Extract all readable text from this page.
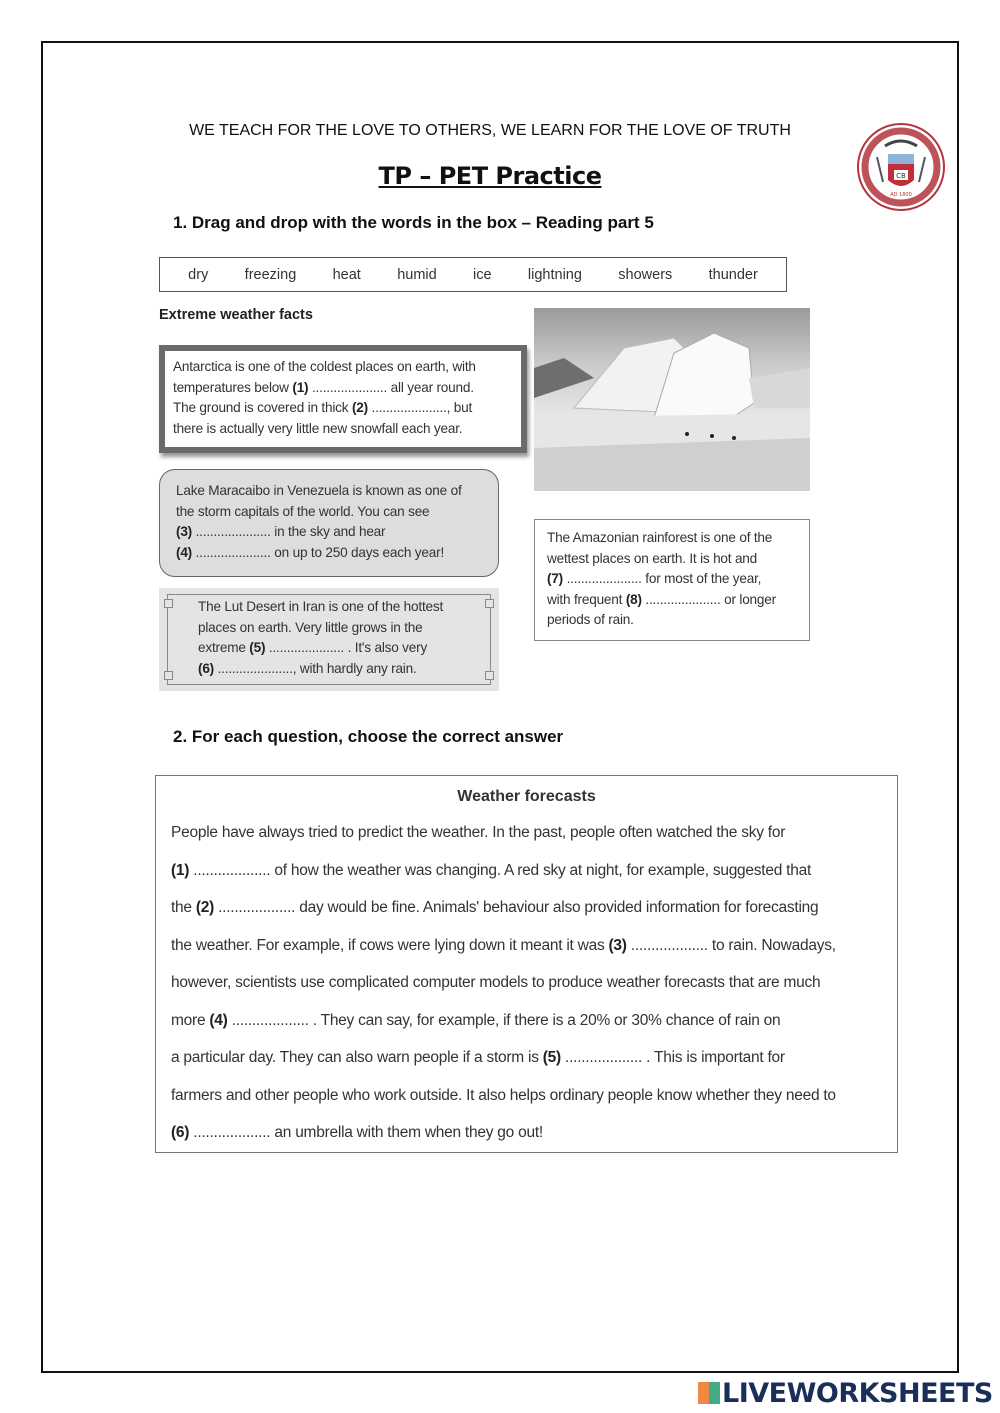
WE TEACH FOR THE LOVE TO OTHERS, WE LEARN FOR THE LOVE OF TRUTH
TP – PET Practice	CB
AD 1800
1. Drag and drop with the words in the box – Reading part 5
dry	freezing	heat	humid	ice	lightning	showers	thunder
Extreme weather facts
Antarctica is one of the coldest places on earth, with
temperatures below (1) ..................... all year round.
The ground is covered in thick (2) ....................., but
there is actually very little new snowfall each year.
Lake Maracaibo in Venezuela is known as one of
the storm capitals of the world. You can see
(3) ..................... in the sky and hear
(4) ..................... on up to 250 days each year!
The Lut Desert in Iran is one of the hottest
places on earth. Very little grows in the
extreme (5) ..................... . It's also very
(6) ....................., with hardly any rain.
The Amazonian rainforest is one of the
wettest places on earth. It is hot and
(7) ..................... for most of the year,
with frequent (8) ..................... or longer
periods of rain.
2. For each question, choose the correct answer
Weather forecasts
People have always tried to predict the weather. In the past, people often watched the sky for
(1) ................... of how the weather was changing. A red sky at night, for example, suggested that
the (2) ................... day would be fine. Animals' behaviour also provided information for forecasting
the weather. For example, if cows were lying down it meant it was (3) ................... to rain. Nowadays,
however, scientists use complicated computer models to produce weather forecasts that are much
more (4) ................... . They can say, for example, if there is a 20% or 30% chance of rain on
a particular day. They can also warn people if a storm is (5) ................... . This is important for
farmers and other people who work outside. It also helps ordinary people know whether they need to
(6) ................... an umbrella with them when they go out!
LIVEWORKSHEETS
